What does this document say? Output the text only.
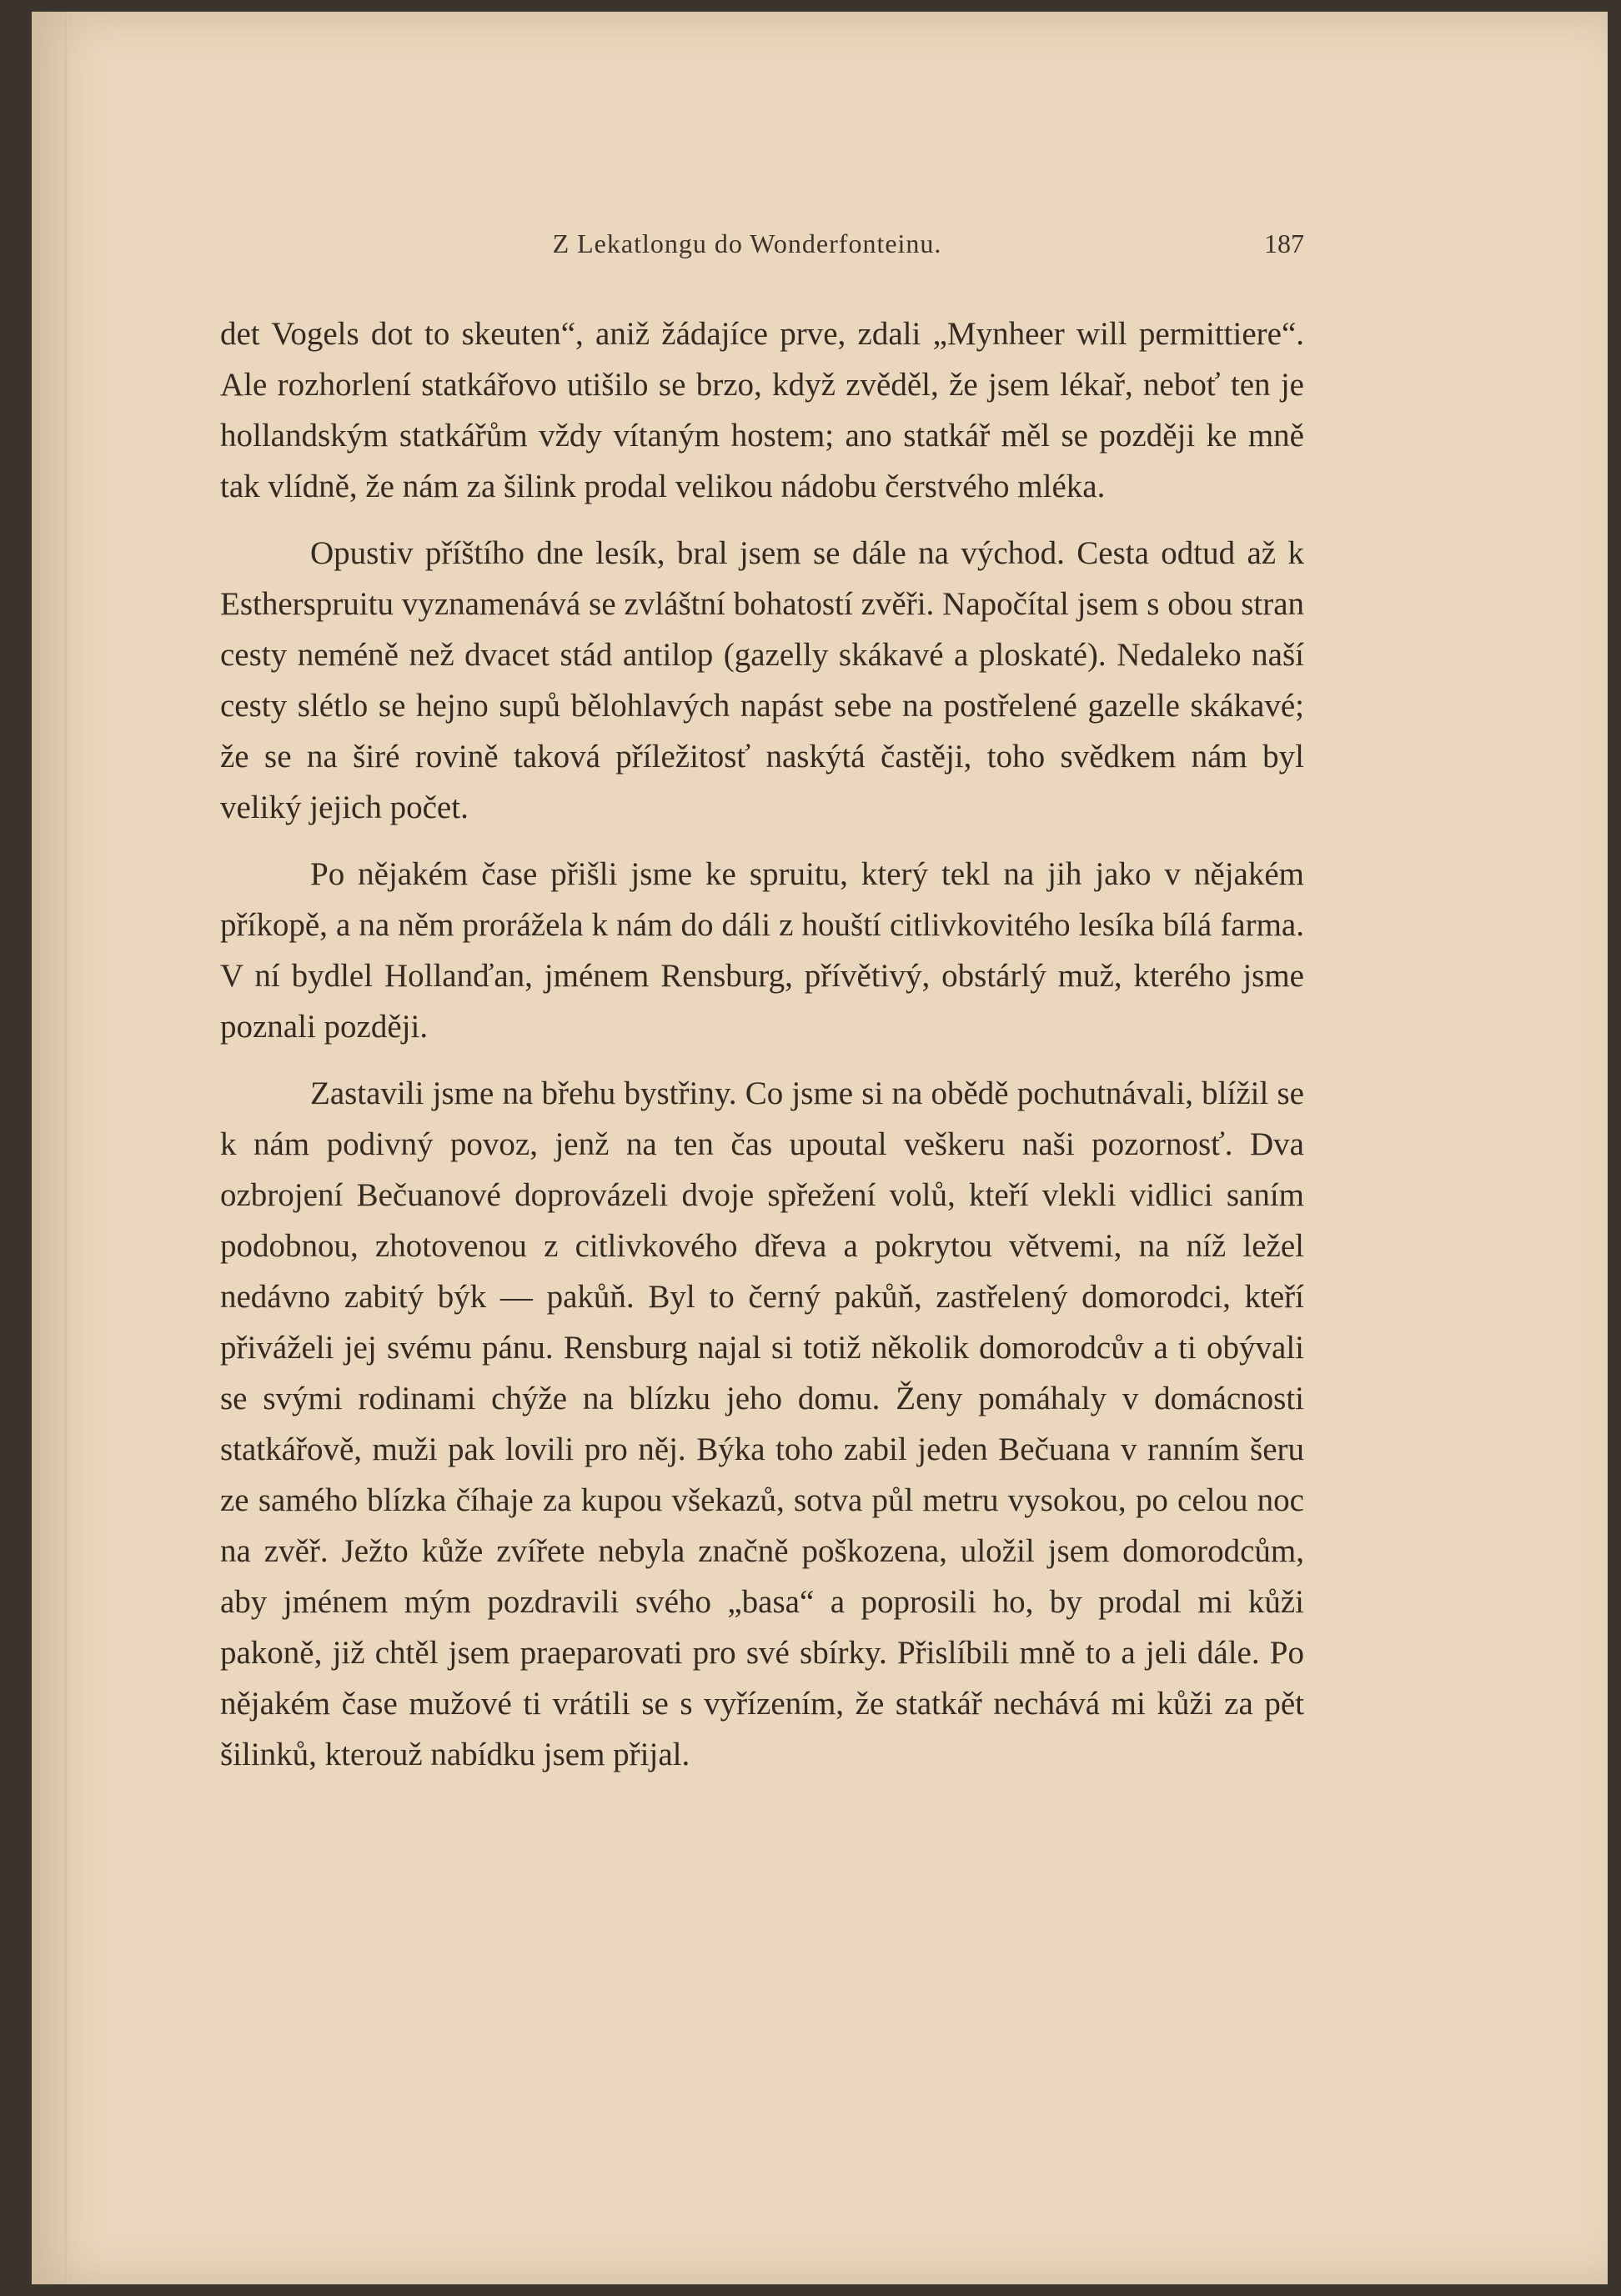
Z Lekatlongu do Wonderfonteinu.	187

det Vogels dot to skeuten“, aniž žádajíce prve, zdali „Mynheer will permittiere“. Ale rozhorlení statkářovo utišilo se brzo, když zvěděl, že jsem lékař, neboť ten je hollandským statkářům vždy vítaným hostem; ano statkář měl se později ke mně tak vlídně, že nám za šilink prodal velikou nádobu čerstvého mléka.

Opustiv příštího dne lesík, bral jsem se dále na východ. Cesta odtud až k Estherspruitu vyznamenává se zvláštní bohatostí zvěři. Napočítal jsem s obou stran cesty neméně než dvacet stád antilop (gazelly skákavé a ploskaté). Nedaleko naší cesty slétlo se hejno supů bělohlavých napást sebe na postřelené gazelle skákavé; že se na širé rovině taková příležitosť naskýtá častěji, toho svědkem nám byl veliký jejich počet.

Po nějakém čase přišli jsme ke spruitu, který tekl na jih jako v nějakém příkopě, a na něm prorážela k nám do dáli z houští citlivkovitého lesíka bílá farma. V ní bydlel Hollanďan, jménem Rensburg, přívětivý, obstárlý muž, kterého jsme poznali později.

Zastavili jsme na břehu bystřiny. Co jsme si na obědě pochutnávali, blížil se k nám podivný povoz, jenž na ten čas upoutal veškeru naši pozornosť. Dva ozbrojení Bečuanové doprovázeli dvoje spřežení volů, kteří vlekli vidlici saním podobnou, zhotovenou z citlivkového dřeva a pokrytou větvemi, na níž ležel nedávno zabitý býk — pakůň. Byl to černý pakůň, zastřelený domorodci, kteří přiváželi jej svému pánu. Rensburg najal si totiž několik domorodcův a ti obývali se svými rodinami chýže na blízku jeho domu. Ženy pomáhaly v domácnosti statkářově, muži pak lovili pro něj. Býka toho zabil jeden Bečuana v ranním šeru ze samého blízka číhaje za kupou všekazů, sotva půl metru vysokou, po celou noc na zvěř. Ježto kůže zvířete nebyla značně poškozena, uložil jsem domorodcům, aby jménem mým pozdravili svého „basa“ a poprosili ho, by prodal mi kůži pakoně, již chtěl jsem praeparovati pro své sbírky. Přislíbili mně to a jeli dále. Po nějakém čase mužové ti vrátili se s vyřízením, že statkář nechává mi kůži za pět šilinků, kterouž nabídku jsem přijal.
